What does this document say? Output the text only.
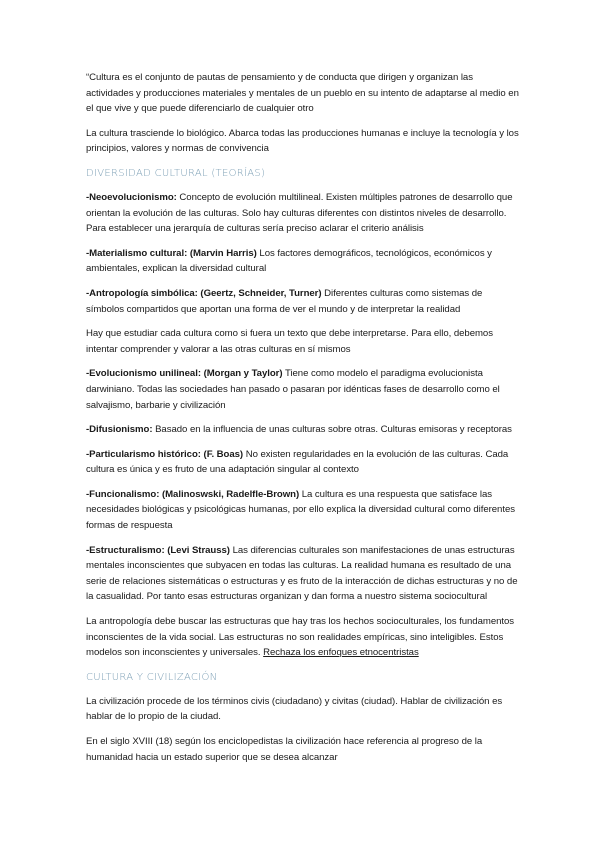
“Cultura es el conjunto de pautas de pensamiento y de conducta que dirigen y organizan las actividades y producciones materiales y mentales de un pueblo en su intento de adaptarse al medio en el que vive y que puede diferenciarlo de cualquier otro

La cultura trasciende lo biológico. Abarca todas las producciones humanas e incluye la tecnología y los principios, valores y normas de convivencia

DIVERSIDAD CULTURAL (TEORÍAS)

-Neoevolucionismo: Concepto de evolución multilineal. Existen múltiples patrones de desarrollo que orientan la evolución de las culturas. Solo hay culturas diferentes con distintos niveles de desarrollo. Para establecer una jerarquía de culturas sería preciso aclarar el criterio análisis

-Materialismo cultural: (Marvin Harris) Los factores demográficos, tecnológicos, económicos y ambientales, explican la diversidad cultural

-Antropología simbólica: (Geertz, Schneider, Turner) Diferentes culturas como sistemas de símbolos compartidos que aportan una forma de ver el mundo y de interpretar la realidad

Hay que estudiar cada cultura como si fuera un texto que debe interpretarse. Para ello, debemos intentar comprender y valorar a las otras culturas en sí mismos

-Evolucionismo unilineal: (Morgan y Taylor) Tiene como modelo el paradigma evolucionista darwiniano. Todas las sociedades han pasado o pasaran por idénticas fases de desarrollo como el salvajismo, barbarie y civilización

-Difusionismo: Basado en la influencia de unas culturas sobre otras. Culturas emisoras y receptoras

-Particularismo histórico: (F. Boas) No existen regularidades en la evolución de las culturas. Cada cultura es única y es fruto de una adaptación singular al contexto

-Funcionalismo: (Malinoswski, Radelfle-Brown) La cultura es una respuesta que satisface las necesidades biológicas y psicológicas humanas, por ello explica la diversidad cultural como diferentes formas de respuesta

-Estructuralismo: (Levi Strauss) Las diferencias culturales son manifestaciones de unas estructuras mentales inconscientes que subyacen en todas las culturas. La realidad humana es resultado de una serie de relaciones sistemáticas o estructuras y es fruto de la interacción de dichas estructuras y no de la casualidad. Por tanto esas estructuras organizan y dan forma a nuestro sistema sociocultural

La antropología debe buscar las estructuras que hay tras los hechos socioculturales, los fundamentos inconscientes de la vida social. Las estructuras no son realidades empíricas, sino inteligibles. Estos modelos son inconscientes y universales. Rechaza los enfoques etnocentristas

CULTURA Y CIVILIZACIÓN

La civilización procede de los términos civis (ciudadano) y civitas (ciudad). Hablar de civilización es hablar de lo propio de la ciudad.

En el siglo XVIII (18) según los enciclopedistas la civilización hace referencia al progreso de la humanidad hacia un estado superior que se desea alcanzar
